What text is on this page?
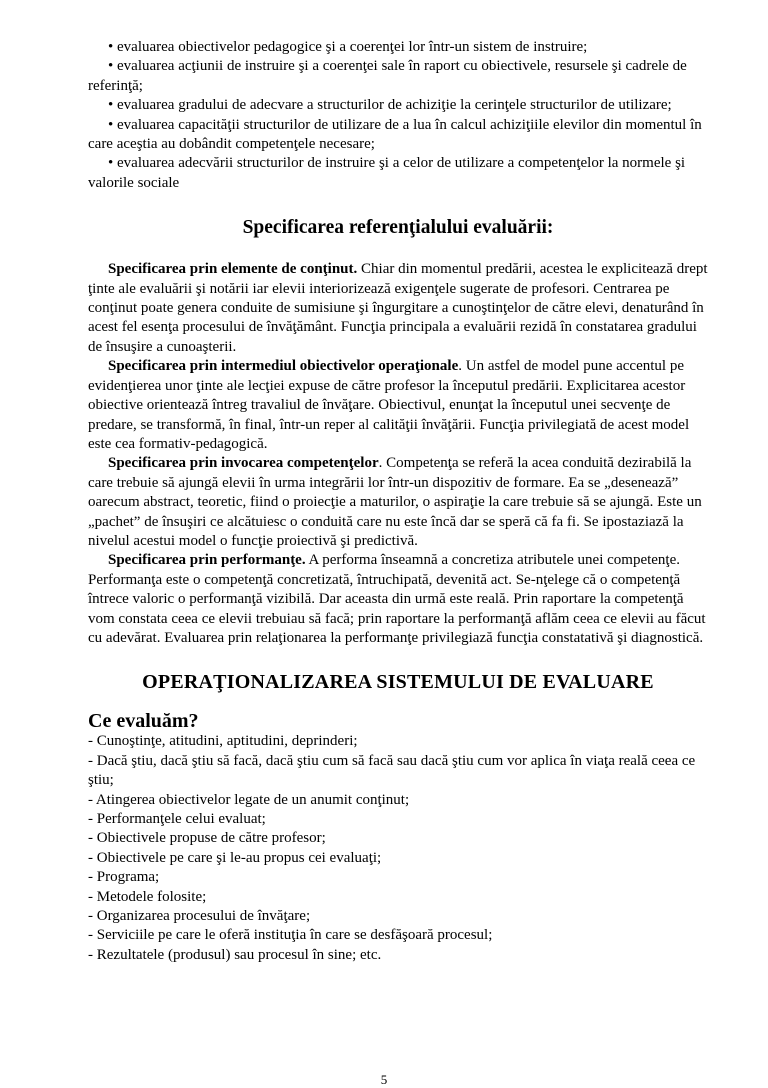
• evaluarea obiectivelor pedagogice şi a coerenţei lor într-un sistem de instruire;

• evaluarea acţiunii de instruire şi a coerenţei sale în raport cu obiectivele, resursele şi cadrele de referinţă;

• evaluarea gradului de adecvare a structurilor de achiziţie la cerinţele structurilor de utilizare;

• evaluarea capacităţii structurilor de utilizare de a lua în calcul achiziţiile elevilor din momentul în care aceştia au dobândit competenţele necesare;

• evaluarea adecvării structurilor de instruire şi a celor de utilizare a competenţelor la normele şi valorile sociale

Specificarea referenţialului evaluării:

Specificarea prin elemente de conţinut. Chiar din momentul predării, acestea le explicitează drept ţinte ale evaluării şi notării iar elevii interiorizează exigenţele sugerate de profesori. Centrarea pe conţinut poate genera conduite de sumisiune şi îngurgitare a cunoştinţelor de către elevi, denaturând în acest fel esenţa procesului de învăţământ. Funcţia principala a evaluării rezidă în constatarea gradului de însuşire a cunoaşterii.

Specificarea prin intermediul obiectivelor operaţionale. Un astfel de model pune accentul pe evidenţierea unor ţinte ale lecţiei expuse de către profesor la începutul predării. Explicitarea acestor obiective orientează întreg travaliul de învăţare. Obiectivul, enunţat la începutul unei secvenţe de predare, se transformă, în final, într-un reper al calităţii învăţării. Funcţia privilegiată de acest model este cea formativ-pedagogică.

Specificarea prin invocarea competenţelor. Competenţa se referă la acea conduită dezirabilă la care trebuie să ajungă elevii în urma integrării lor într-un dispozitiv de formare. Ea se „desenează” oarecum abstract, teoretic, fiind o proiecţie a maturilor, o aspiraţie la care trebuie să se ajungă. Este un „pachet” de însuşiri ce alcătuiesc o conduită care nu este încă dar se speră că fa fi. Se ipostaziază la nivelul acestui model o funcţie proiectivă şi predictivă.

Specificarea prin performanţe. A performa înseamnă a concretiza atributele unei competenţe. Performanţa este o competenţă concretizată, întruchipată, devenită act. Se-nţelege că o competenţă întrece valoric o performanţă vizibilă. Dar aceasta din urmă este reală. Prin raportare la competenţă vom constata ceea ce elevii trebuiau să facă; prin raportare la performanţă aflăm ceea ce elevii au făcut cu adevărat. Evaluarea prin relaţionarea la performanţe privilegiază funcţia constatativă şi diagnostică.

OPERAŢIONALIZAREA SISTEMULUI DE EVALUARE
Ce evaluăm?

- Cunoştinţe, atitudini, aptitudini, deprinderi;

- Dacă ştiu, dacă ştiu să facă, dacă ştiu cum să facă sau dacă ştiu cum vor aplica în viaţa reală ceea ce ştiu;

- Atingerea obiectivelor legate de un anumit conţinut;

- Performanţele celui evaluat;

- Obiectivele propuse de către profesor;

- Obiectivele pe care şi le-au propus cei evaluaţi;

- Programa;

- Metodele folosite;

- Organizarea procesului de învăţare;

- Serviciile pe care le oferă instituţia în care se desfăşoară procesul;

- Rezultatele (produsul) sau procesul în sine; etc.

5
